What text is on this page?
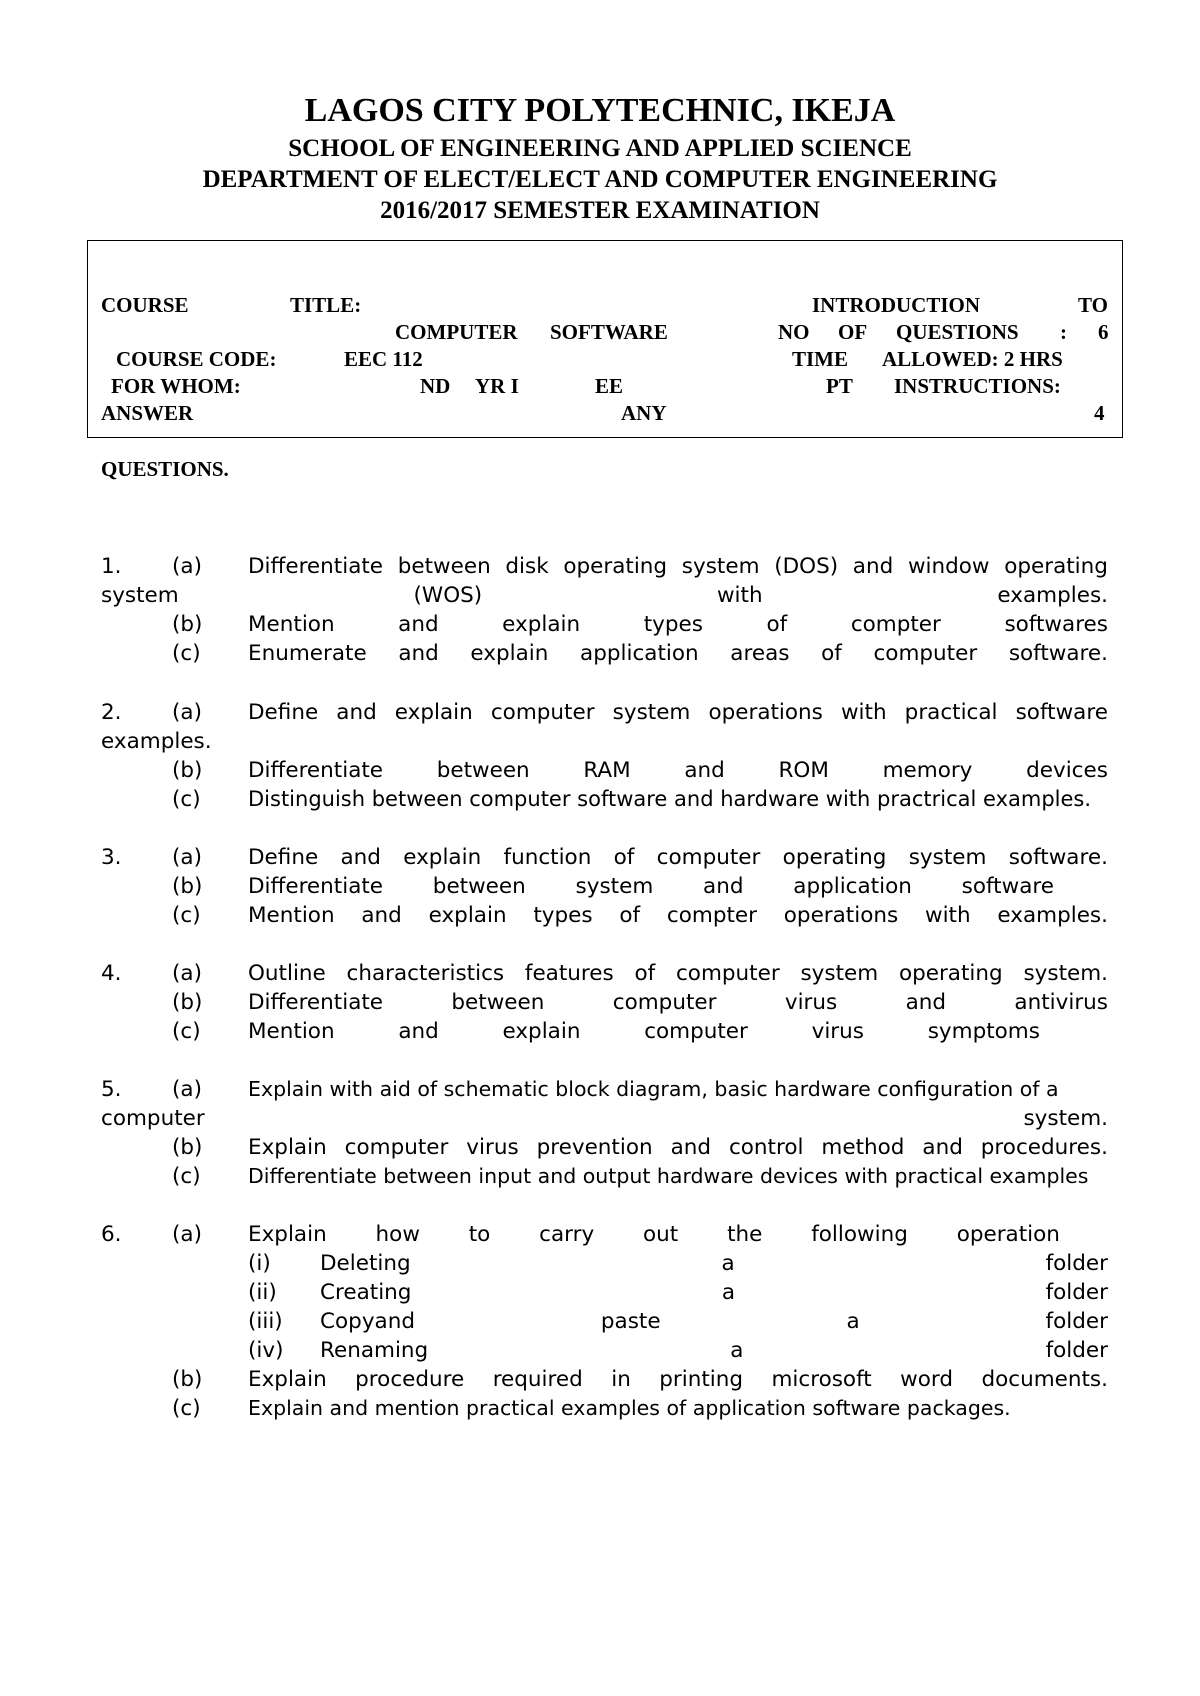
LAGOS CITY POLYTECHNIC, IKEJA
SCHOOL OF ENGINEERING AND APPLIED SCIENCE
DEPARTMENT OF ELECT/ELECT AND COMPUTER ENGINEERING
2016/2017 SEMESTER EXAMINATION
COURSE	TITLE:	INTRODUCTION	TO
COMPUTER SOFTWARE	NO OF QUESTIONS : 6
COURSE CODE:	EEC 112	TIME ALLOWED: 2 HRS
FOR WHOM:	ND YR I	EE	PT INSTRUCTIONS:
ANSWER	ANY	4
QUESTIONS.
1. (a) Differentiate between disk operating system (DOS) and window operating
system	(WOS)	with	examples.
(b) Mention	and	explain	types	of	compter	softwares
(c) Enumerate and explain application areas of computer software.
2. (a) Define and explain computer system operations with practical software
examples.
(b) Differentiate between RAM and ROM memory devices
(c) Distinguish between computer software and hardware with practrical examples.
3. (a) Define and explain function of computer operating system software.
(b) Differentiate between system and application software
(c) Mention and explain types of compter operations with examples.
4. (a) Outline characteristics features of computer system operating system.
(b) Differentiate	between	computer	virus	and	antivirus
(c) Mention	and	explain	computer	virus	symptoms
5. (a) Explain with aid of schematic block diagram, basic hardware configuration of a
computer	system.
(b) Explain computer virus prevention and control method and procedures.
(c) Differentiate between input and output hardware devices with practical examples
6. (a) Explain how to carry out the following operation
(i) Deleting	a	folder
(ii) Creating	a	folder
(iii) Copyand	paste	a	folder
(iv) Renaming	a	folder
(b) Explain procedure required in printing microsoft word documents.
(c) Explain and mention practical examples of application software packages.
